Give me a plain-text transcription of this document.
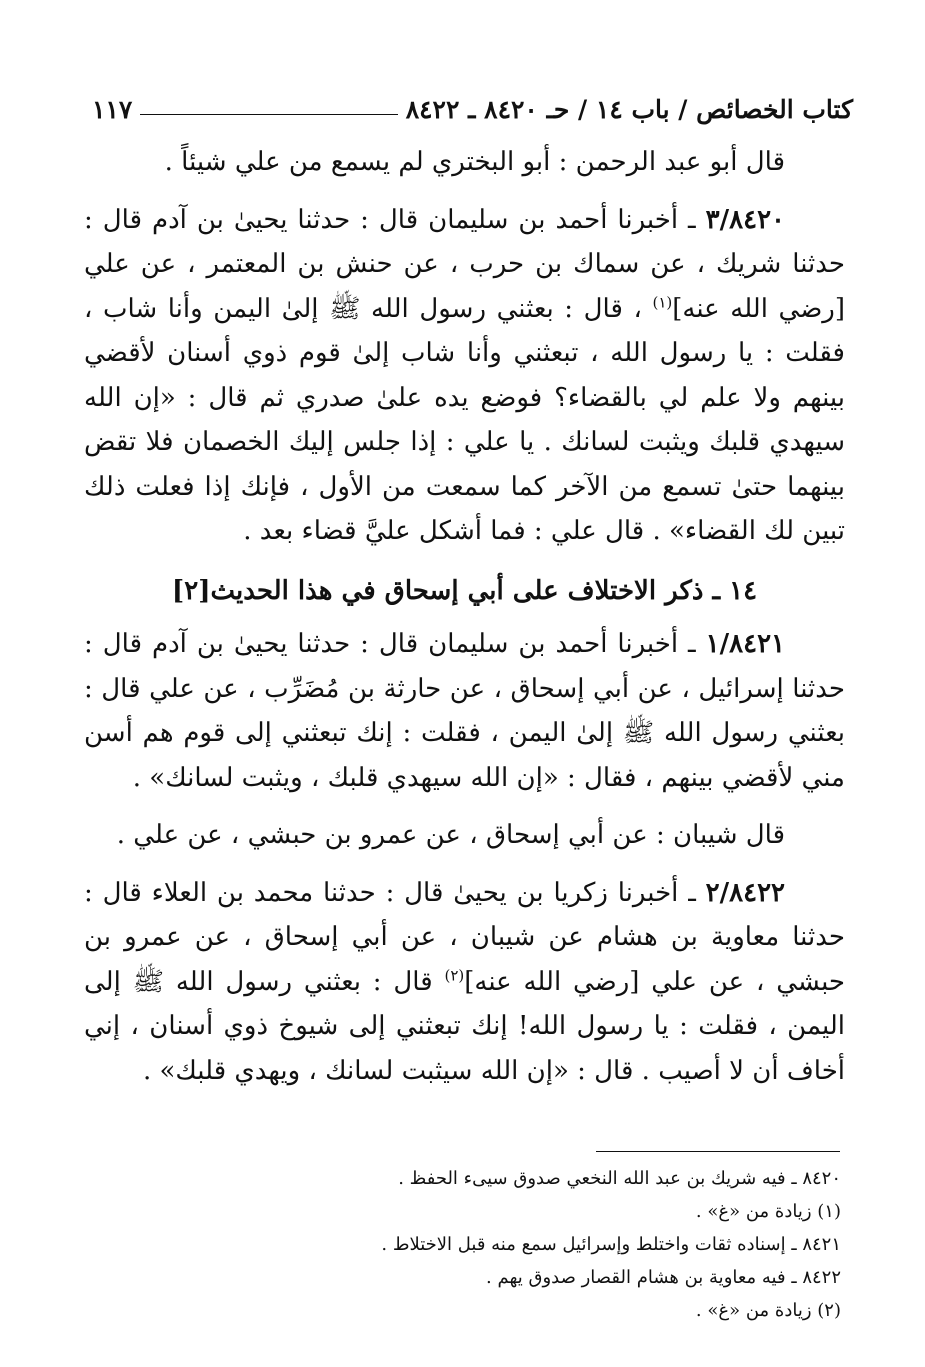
كتاب الخصائص / باب ١٤ / حـ ٨٤٢٠ ـ ٨٤٢٢
١١٧

قال أبو عبد الرحمن : أبو البختري لم يسمع من علي شيئاً .

٣/٨٤٢٠ ـ أخبرنا أحمد بن سليمان قال : حدثنا يحيىٰ بن آدم قال : حدثنا شريك ، عن سماك بن حرب ، عن حنش بن المعتمر ، عن علي [رضي الله عنه]$^{(١)}$ ، قال : بعثني رسول الله ﷺ إلىٰ اليمن وأنا شاب ، فقلت : يا رسول الله ، تبعثني وأنا شاب إلىٰ قوم ذوي أسنان لأقضي بينهم ولا علم لي بالقضاء؟ فوضع يده علىٰ صدري ثم قال : «إن الله سيهدي قلبك ويثبت لسانك . يا علي : إذا جلس إليك الخصمان فلا تقض بينهما حتىٰ تسمع من الآخر كما سمعت من الأول ، فإنك إذا فعلت ذلك تبين لك القضاء» . قال علي : فما أشكل عليَّ قضاء بعد .

١٤ ـ ذكر الاختلاف على أبي إسحاق في هذا الحديث[٢]

١/٨٤٢١ ـ أخبرنا أحمد بن سليمان قال : حدثنا يحيىٰ بن آدم قال : حدثنا إسرائيل ، عن أبي إسحاق ، عن حارثة بن مُضَرِّب ، عن علي قال : بعثني رسول الله ﷺ إلىٰ اليمن ، فقلت : إنك تبعثني إلى قوم هم أسن مني لأقضي بينهم ، فقال : «إن الله سيهدي قلبك ، ويثبت لسانك» .

قال شيبان : عن أبي إسحاق ، عن عمرو بن حبشي ، عن علي .

٢/٨٤٢٢ ـ أخبرنا زكريا بن يحيىٰ قال : حدثنا محمد بن العلاء قال : حدثنا معاوية بن هشام عن شيبان ، عن أبي إسحاق ، عن عمرو بن حبشي ، عن علي [رضي الله عنه]$^{(٢)}$ قال : بعثني رسول الله ﷺ إلى اليمن ، فقلت : يا رسول الله! إنك تبعثني إلى شيوخ ذوي أسنان ، إني أخاف أن لا أصيب . قال : «إن الله سيثبت لسانك ، ويهدي قلبك» .

٨٤٢٠ ـ فيه شريك بن عبد الله النخعي صدوق سيىء الحفظ .

(١) زيادة من «غ» .

٨٤٢١ ـ إسناده ثقات واختلط وإسرائيل سمع منه قبل الاختلاط .

٨٤٢٢ ـ فيه معاوية بن هشام القصار صدوق يهم .

(٢) زيادة من «غ» .
